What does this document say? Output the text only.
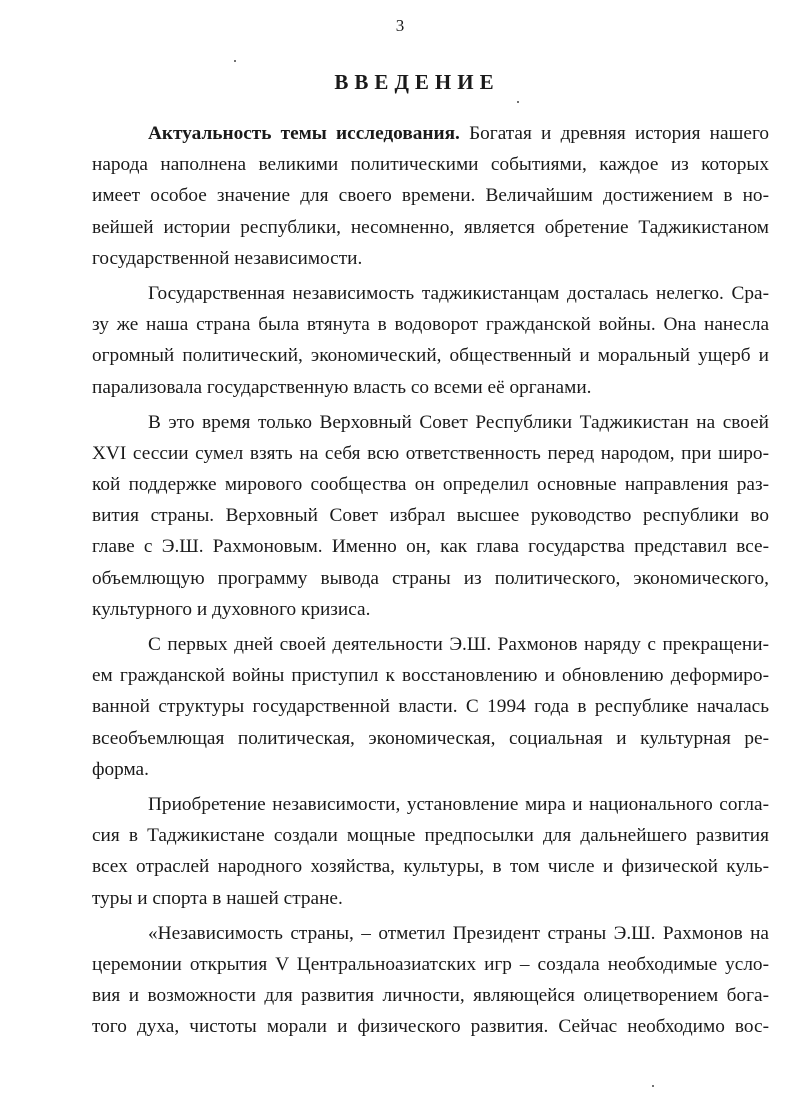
3
ВВЕДЕНИЕ
Актуальность темы исследования. Богатая и древняя история нашего
народа наполнена великими политическими событиями, каждое из которых
имеет особое значение для своего времени. Величайшим достижением в но-
вейшей истории республики, несомненно, является обретение Таджикистаном
государственной независимости.
Государственная независимость таджикистанцам досталась нелегко. Сра-
зу же наша страна была втянута в водоворот гражданской войны. Она нанесла
огромный политический, экономический, общественный и моральный ущерб и
парализовала государственную власть со всеми её органами.
В это время только Верховный Совет Республики Таджикистан на своей
XVI сессии сумел взять на себя всю ответственность перед народом, при широ-
кой поддержке мирового сообщества он определил основные направления раз-
вития страны. Верховный Совет избрал высшее руководство республики во
главе с Э.Ш. Рахмоновым. Именно он, как глава государства представил все-
объемлющую программу вывода страны из политического, экономического,
культурного и духовного кризиса.
С первых дней своей деятельности Э.Ш. Рахмонов наряду с прекращени-
ем гражданской войны приступил к восстановлению и обновлению деформиро-
ванной структуры государственной власти. С 1994 года в республике началась
всеобъемлющая политическая, экономическая, социальная и культурная ре-
форма.
Приобретение независимости, установление мира и национального согла-
сия в Таджикистане создали мощные предпосылки для дальнейшего развития
всех отраслей народного хозяйства, культуры, в том числе и физической куль-
туры и спорта в нашей стране.
«Независимость страны, – отметил Президент страны Э.Ш. Рахмонов на
церемонии открытия V Центральноазиатских игр – создала необходимые усло-
вия и возможности для развития личности, являющейся олицетворением бога-
того духа, чистоты морали и физического развития. Сейчас необходимо вос-
